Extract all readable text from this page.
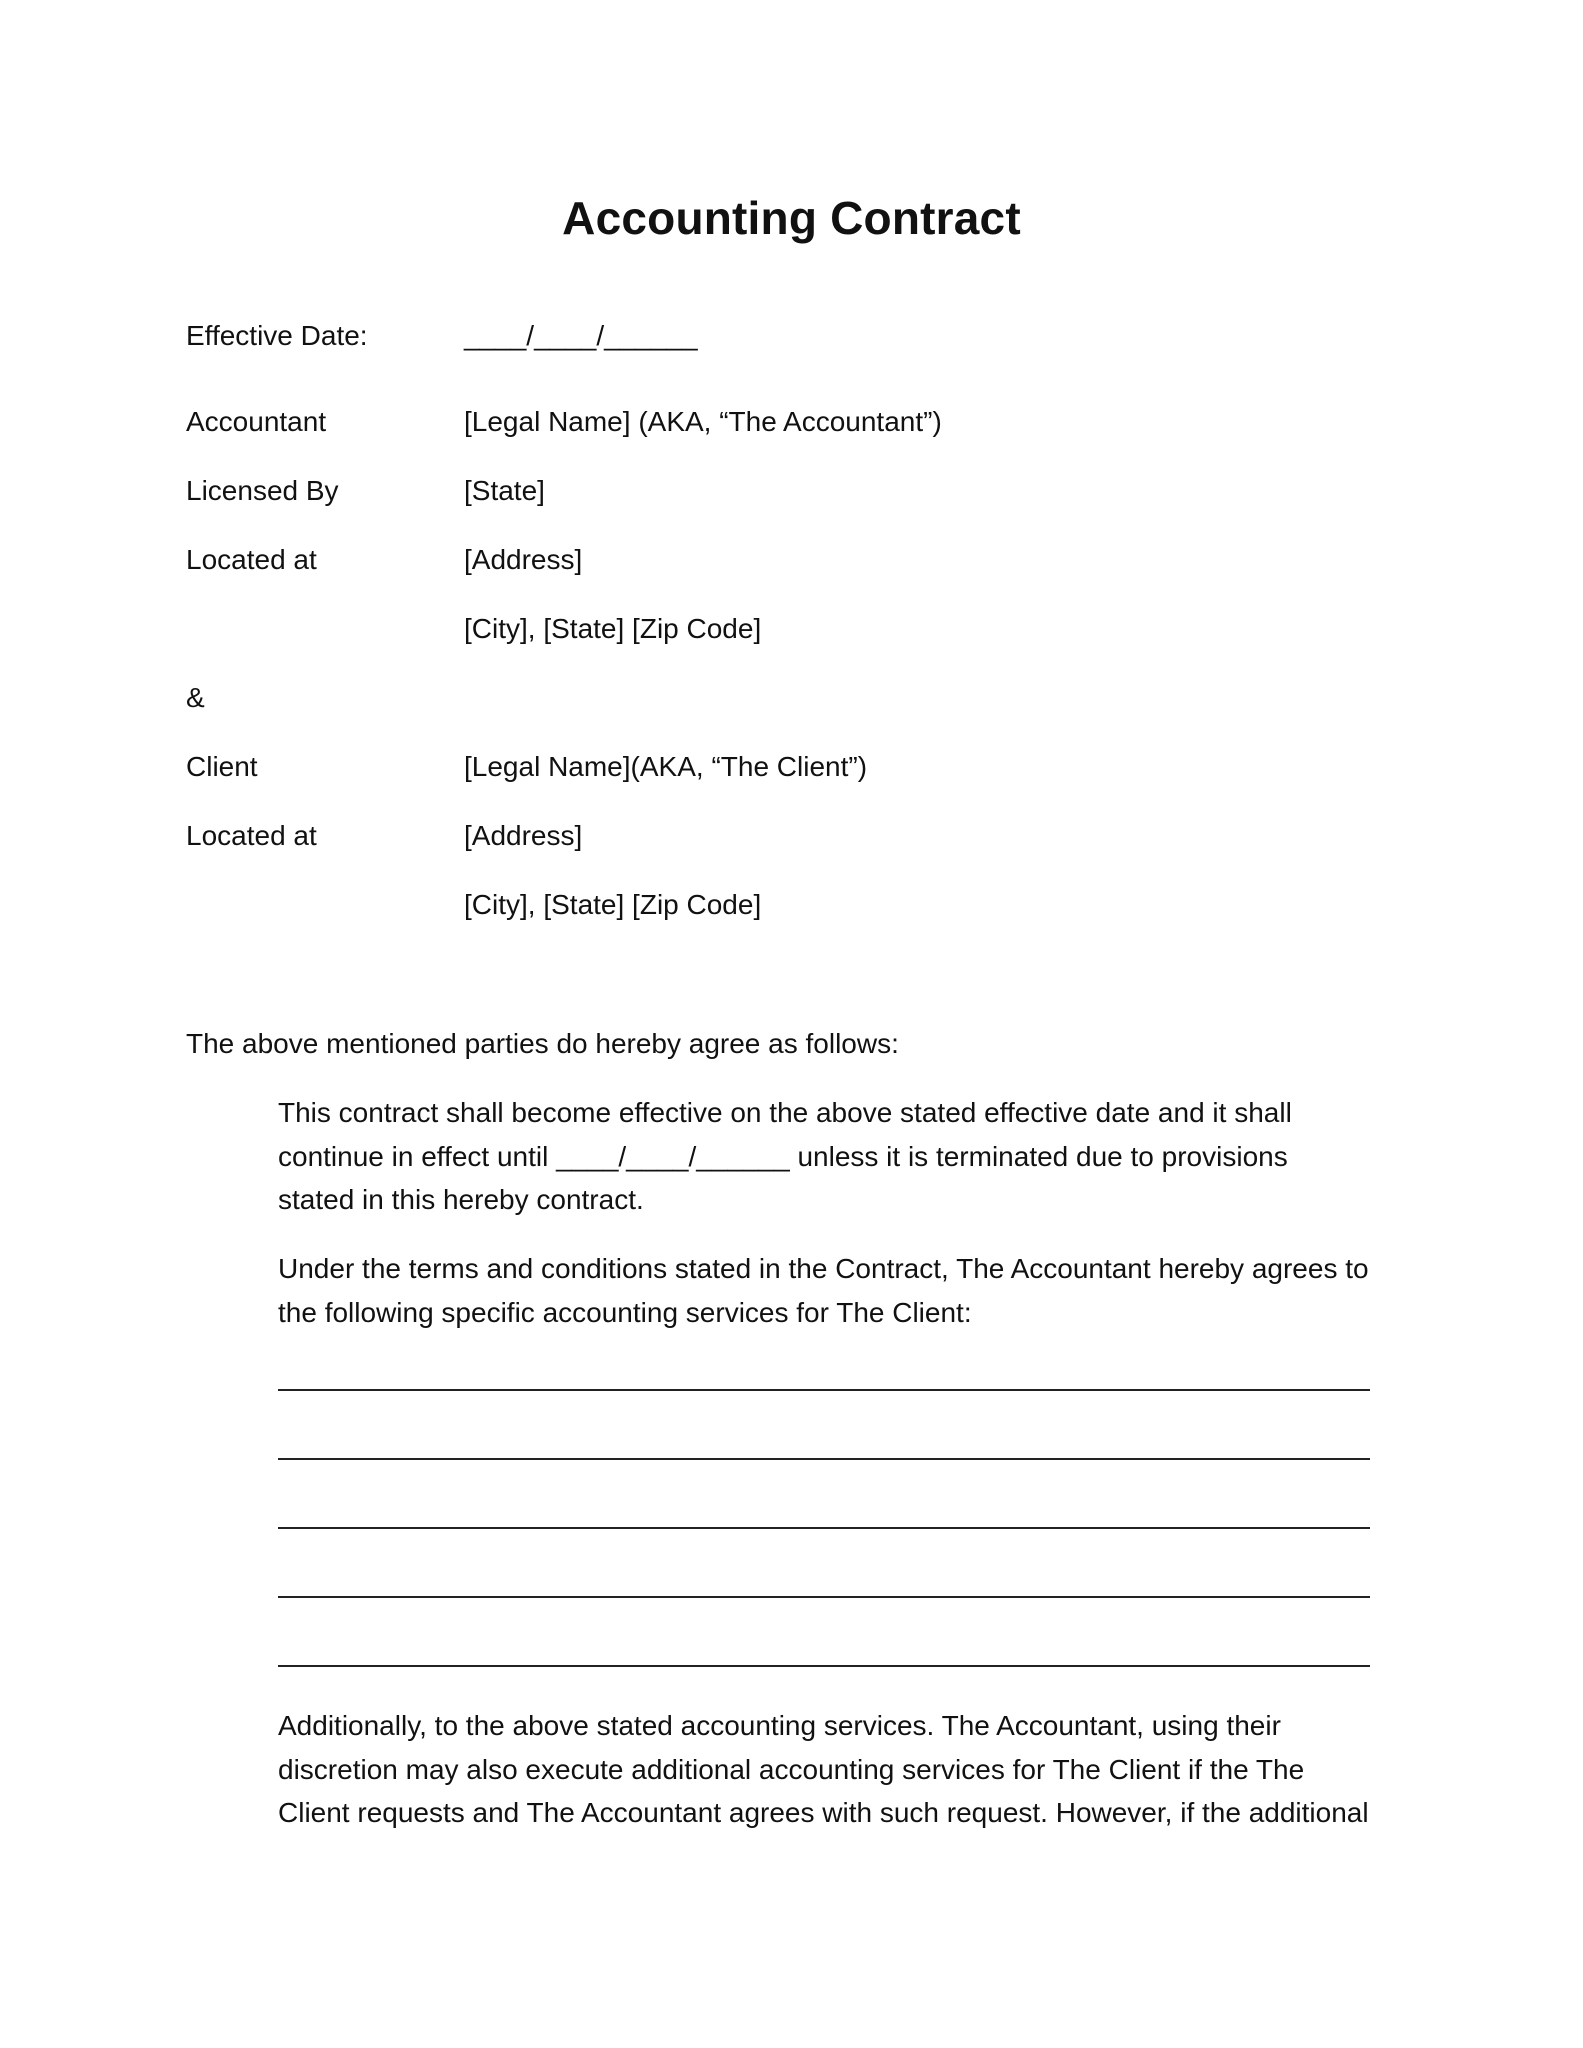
Accounting Contract
Effective Date:	____/____/______
Accountant	[Legal Name] (AKA, “The Accountant”)
Licensed By	[State]
Located at	[Address]
[City], [State] [Zip Code]
&
Client	[Legal Name](AKA, “The Client”)
Located at	[Address]
[City], [State] [Zip Code]
The above mentioned parties do hereby agree as follows:
This contract shall become effective on the above stated effective date and it shall
continue in effect until ____/____/______ unless it is terminated due to provisions
stated in this hereby contract.
Under the terms and conditions stated in the Contract, The Accountant hereby agrees to
the following specific accounting services for The Client:
Additionally, to the above stated accounting services. The Accountant, using their
discretion may also execute additional accounting services for The Client if the The
Client requests and The Accountant agrees with such request. However, if the additional
